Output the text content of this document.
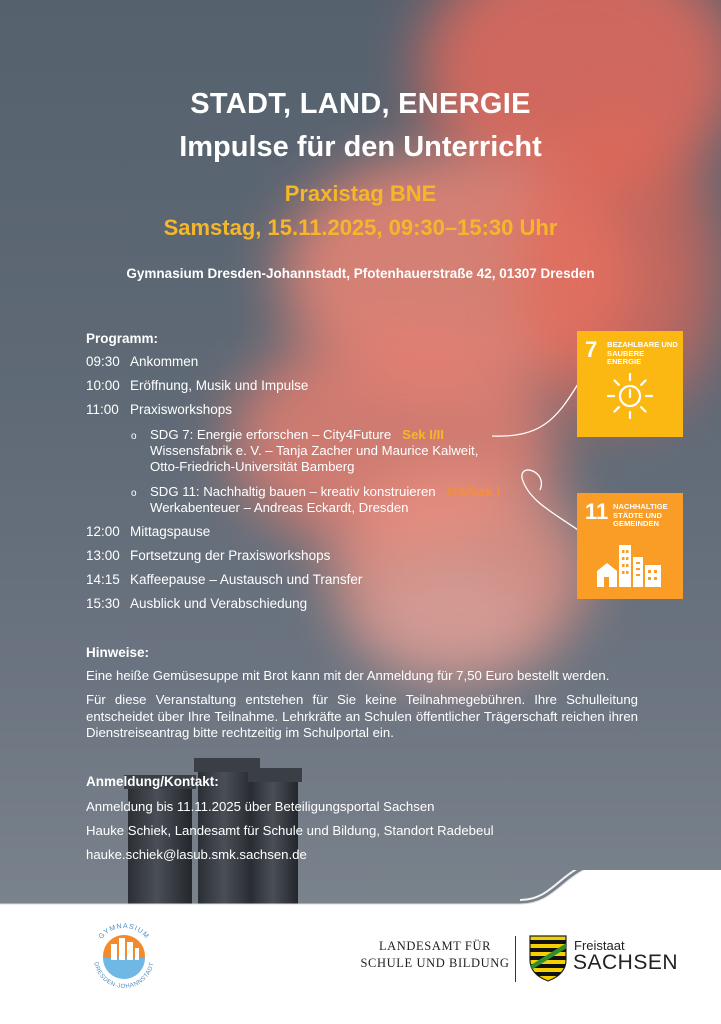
STADT, LAND, ENERGIE
Impulse für den Unterricht
Praxistag BNE
Samstag, 15.11.2025, 09:30–15:30 Uhr
Gymnasium Dresden-Johannstadt, Pfotenhauerstraße 42, 01307 Dresden
Programm:
09:30 Ankommen
10:00 Eröffnung, Musik und Impulse
11:00 Praxisworkshops
o SDG 7: Energie erforschen – City4Future Sek I/II
Wissensfabrik e. V. – Tanja Zacher und Maurice Kalweit,
Otto-Friedrich-Universität Bamberg
o SDG 11: Nachhaltig bauen – kreativ konstruieren GS/Sek I
Werkabenteuer – Andreas Eckardt, Dresden
12:00 Mittagspause
13:00 Fortsetzung der Praxisworkshops
14:15 Kaffeepause – Austausch und Transfer
15:30 Ausblick und Verabschiedung
7 BEZAHLBARE UND SAUBERE ENERGIE
11 NACHHALTIGE STÄDTE UND GEMEINDEN
Hinweise:
Eine heiße Gemüsesuppe mit Brot kann mit der Anmeldung für 7,50 Euro bestellt werden.
Für diese Veranstaltung entstehen für Sie keine Teilnahmegebühren. Ihre Schulleitung entscheidet über Ihre Teilnahme. Lehrkräfte an Schulen öffentlicher Trägerschaft reichen ihren Dienstreiseantrag bitte rechtzeitig im Schulportal ein.
Anmeldung/Kontakt:
Anmeldung bis 11.11.2025 über Beteiligungsportal Sachsen
Hauke Schiek, Landesamt für Schule und Bildung, Standort Radebeul
hauke.schiek@lasub.smk.sachsen.de
GYMNASIUM
DRESDEN-JOHANNSTADT
LANDESAMT FÜR
SCHULE UND BILDUNG
Freistaat
SACHSEN
